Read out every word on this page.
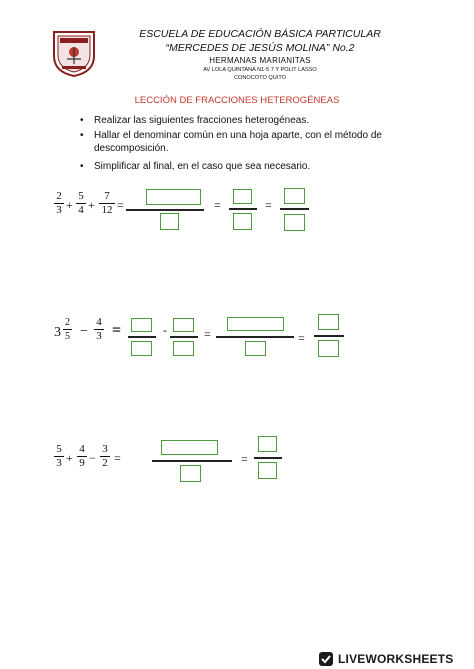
ESCUELA DE EDUCACIÓN BÁSICA PARTICULAR
“MERCEDES DE JESÚS MOLINA” No.2
HERMANAS MARIANITAS
AV LOLA QUINTANA N1-5 7 Y POLIT LASSO
CONOCOTO QUITO
LECCIÓN DE FRACCIONES HETEROGÉNEAS
• Realizar las siguientes fracciones heterogéneas.
• Hallar el denominar común en una hoja aparte, con el método de descomposición.
• Simplificar al final, en el caso que sea necesario.
2
3 +
5
4 +
7
12 =	=	=
3
2
5 −
4
3 =	-	=	=
5
3 +
4
9 −
3
2 =	=
LIVEWORKSHEETS
